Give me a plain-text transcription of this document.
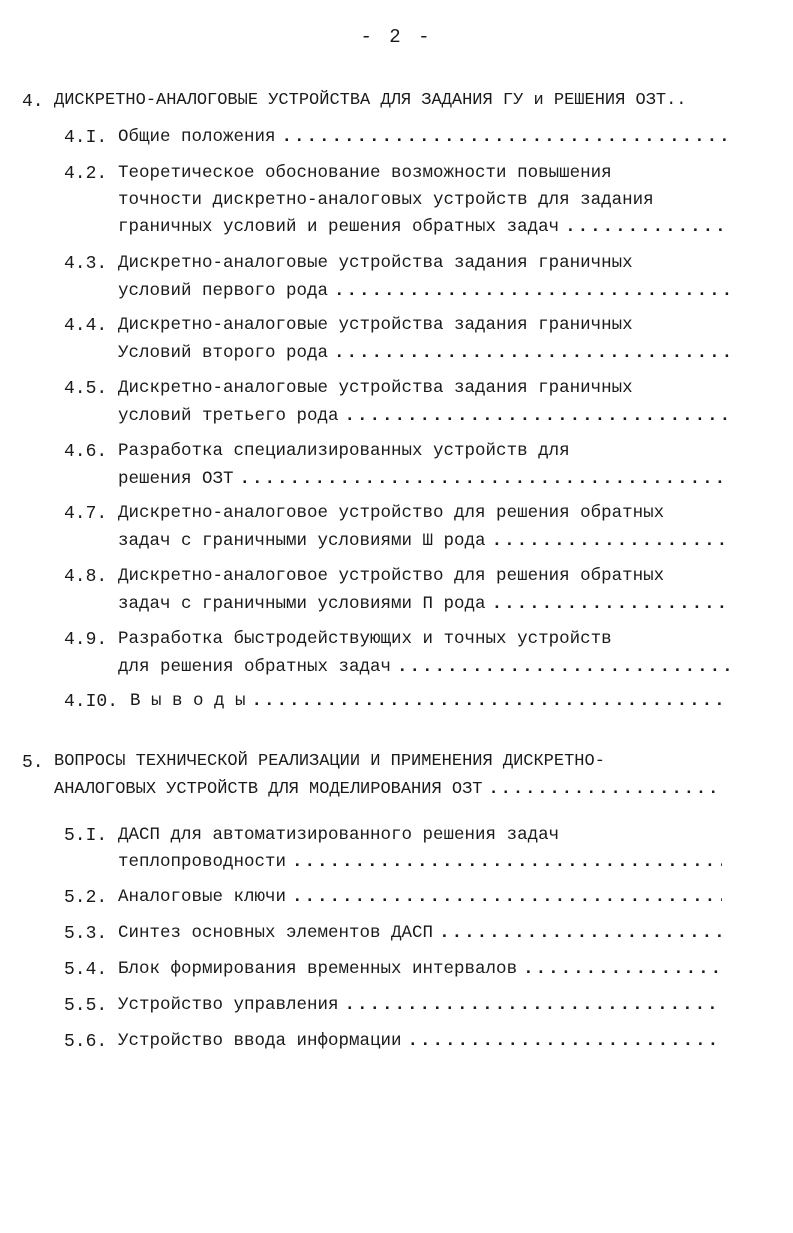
- 2 -
4. ДИСКРЕТНО-АНАЛОГОВЫЕ УСТРОЙСТВА ДЛЯ ЗАДАНИЯ ГУ и РЕШЕНИЯ ОЗТ..
4.I. Общие положения
.....
4.2. Теоретическое обоснование возможности повышения
точности дискретно-аналоговых устройств для задания
граничных условий и решения обратных задач
.....
4.3. Дискретно-аналоговые устройства задания граничных
условий первого рода
.....
4.4. Дискретно-аналоговые устройства задания граничных
Условий второго рода
.....
4.5. Дискретно-аналоговые устройства задания граничных
условий третьего рода
.....
4.6. Разработка специализированных устройств для
решения ОЗТ
.....
4.7. Дискретно-аналоговое устройство для решения обратных
задач с граничными условиями Ш рода
.....
4.8. Дискретно-аналоговое устройство для решения обратных
задач с граничными условиями П рода
.....
4.9. Разработка быстродействующих и точных устройств
для решения обратных задач
.....
4.I0. В ы в о д ы
.....
5. ВОПРОСЫ ТЕХНИЧЕСКОЙ РЕАЛИЗАЦИИ И ПРИМЕНЕНИЯ ДИСКРЕТНО-
АНАЛОГОВЫХ УСТРОЙСТВ ДЛЯ МОДЕЛИРОВАНИЯ ОЗТ
.....
5.I. ДАСП для автоматизированного решения задач
теплопроводности
.....
5.2. Аналоговые ключи
.....
5.3. Синтез основных элементов ДАСП
.....
5.4. Блок формирования временных интервалов
.....
5.5. Устройство управления
.....
5.6. Устройство ввода информации
.....
